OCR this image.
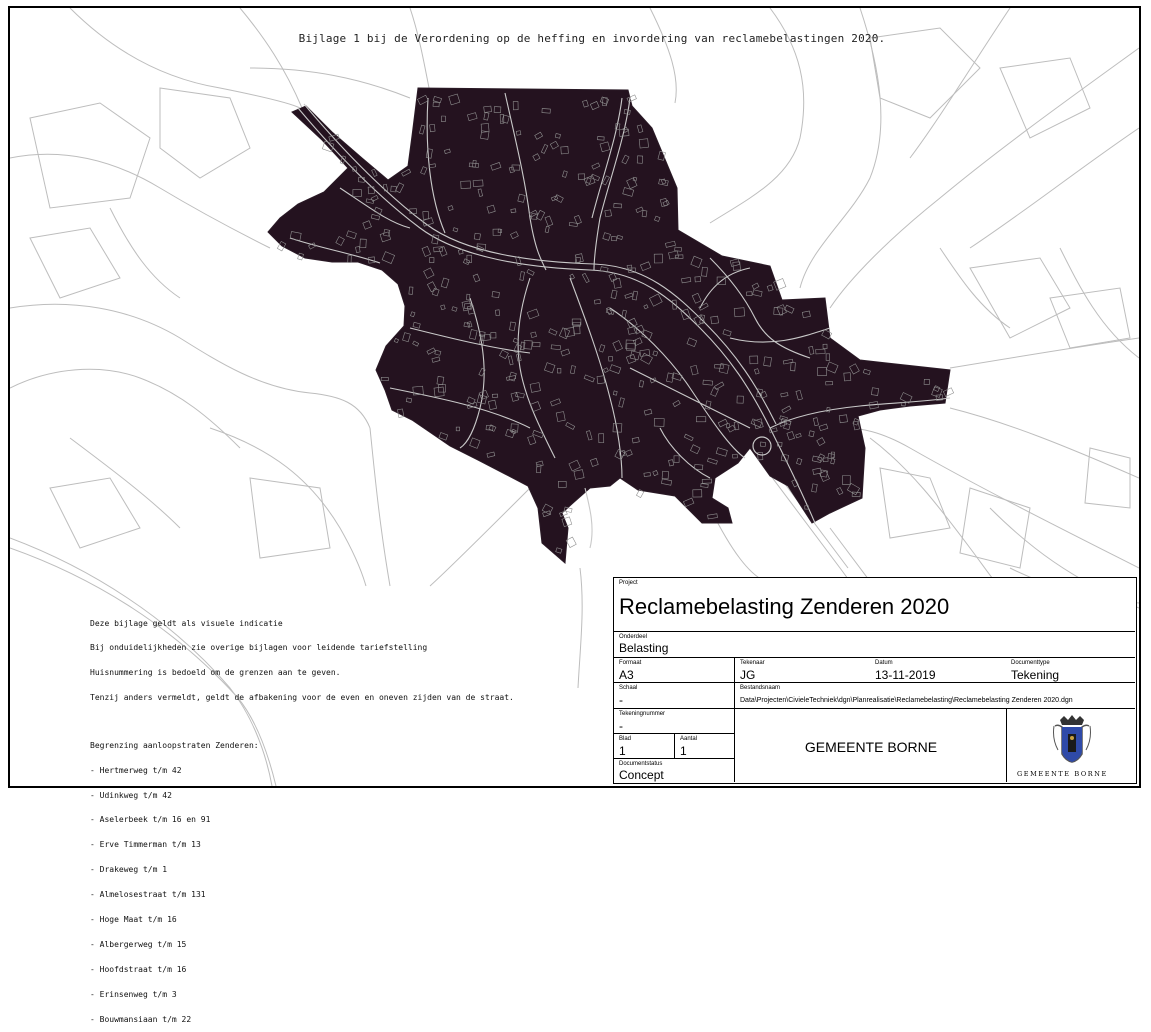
Bijlage 1 bij de Verordening op de heffing en invordering van reclamebelastingen 2020.

Deze bijlage geldt als visuele indicatie

Bij onduidelijkheden zie overige bijlagen voor leidende tariefstelling

Huisnummering is bedoeld om de grenzen aan te geven.

Tenzij anders vermeldt, geldt de afbakening voor de even en oneven zijden van de straat.

Begrenzing aanloopstraten Zenderen:

- Hertmerweg t/m 42

- Udinkweg t/m 42

- Aselerbeek t/m 16 en 91

- Erve Timmerman t/m 13

- Drakeweg t/m 1

- Almelosestraat t/m 131

- Hoge Maat t/m 16

- Albergerweg t/m 15

- Hoofdstraat t/m 16

- Erinsenweg t/m 3

- Bouwmansiaan t/m 22

Project
Reclamebelasting Zenderen 2020
Onderdeel
Belasting
Formaat
A3
Tekenaar
JG
Datum
13-11-2019
Documenttype
Tekening
Schaal
-
Bestandsnaam
Data\Projecten\CivieleTechniek\dgn\Planrealisatie\Reclamebelasting\Reclamebelasting Zenderen 2020.dgn
Tekeningnummer
-
Blad
1
Aantal
1
Documentstatus
Concept
GEMEENTE BORNE
GEMEENTE BORNE
